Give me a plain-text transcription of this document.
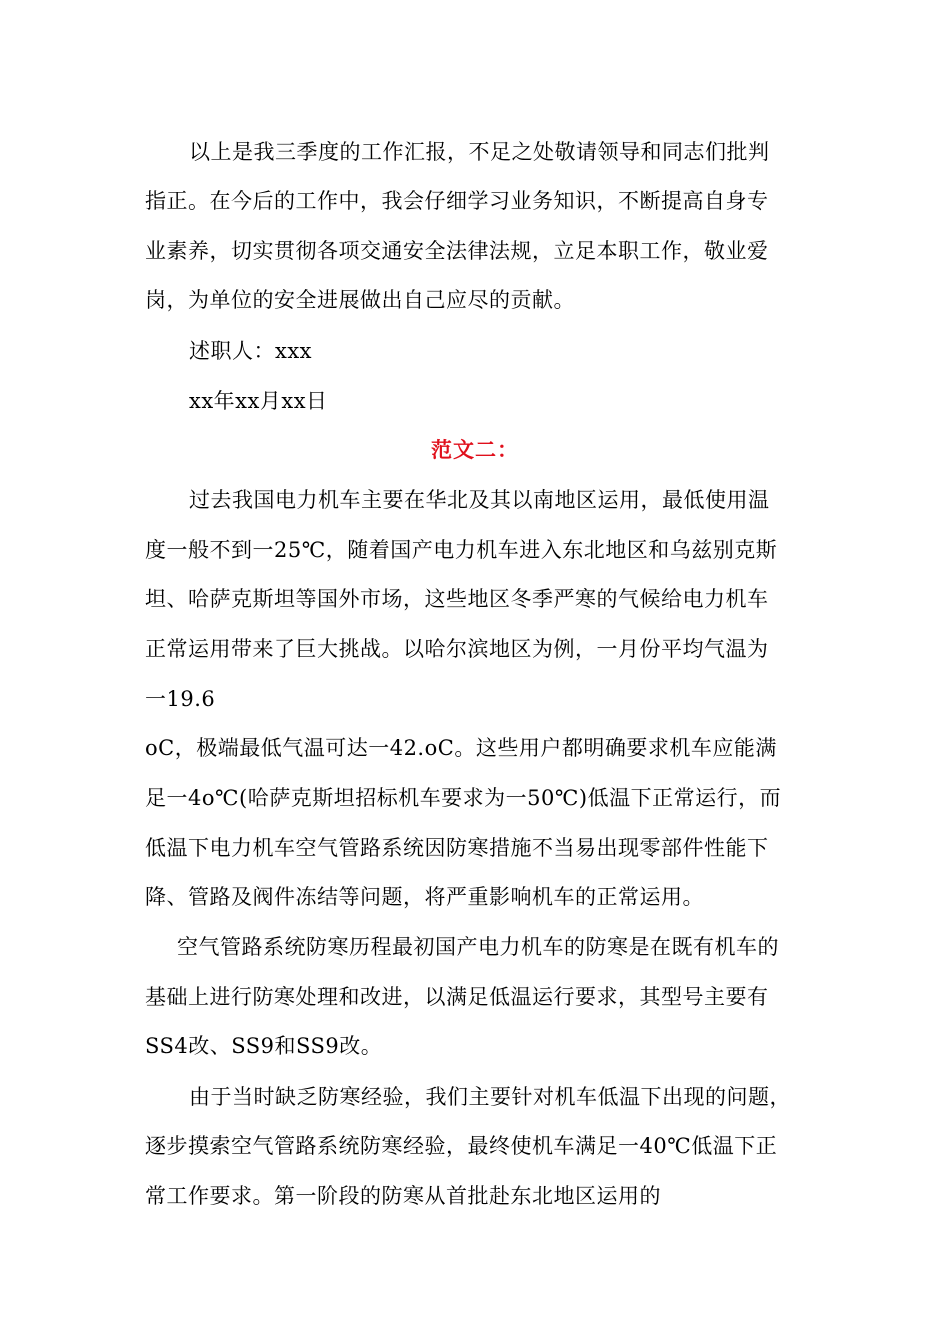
以上是我三季度的工作汇报，不足之处敬请领导和同志们批判
指正。在今后的工作中，我会仔细学习业务知识，不断提高自身专
业素养，切实贯彻各项交通安全法律法规，立足本职工作，敬业爱
岗，为单位的安全进展做出自己应尽的贡献。
述职人：xxx
xx年xx月xx日
范文二：
过去我国电力机车主要在华北及其以南地区运用，最低使用温
度一般不到一25℃，随着国产电力机车进入东北地区和乌兹别克斯
坦、哈萨克斯坦等国外市场，这些地区冬季严寒的气候给电力机车
正常运用带来了巨大挑战。以哈尔滨地区为例，一月份平均气温为
一19.6
oC，极端最低气温可达一42.oC。这些用户都明确要求机车应能满
足一4o℃(哈萨克斯坦招标机车要求为一50℃)低温下正常运行，而
低温下电力机车空气管路系统因防寒措施不当易出现零部件性能下
降、管路及阀件冻结等问题，将严重影响机车的正常运用。
空气管路系统防寒历程最初国产电力机车的防寒是在既有机车的
基础上进行防寒处理和改进，以满足低温运行要求，其型号主要有
SS4改、SS9和SS9改。
由于当时缺乏防寒经验，我们主要针对机车低温下出现的问题，
逐步摸索空气管路系统防寒经验，最终使机车满足一40℃低温下正
常工作要求。第一阶段的防寒从首批赴东北地区运用的
